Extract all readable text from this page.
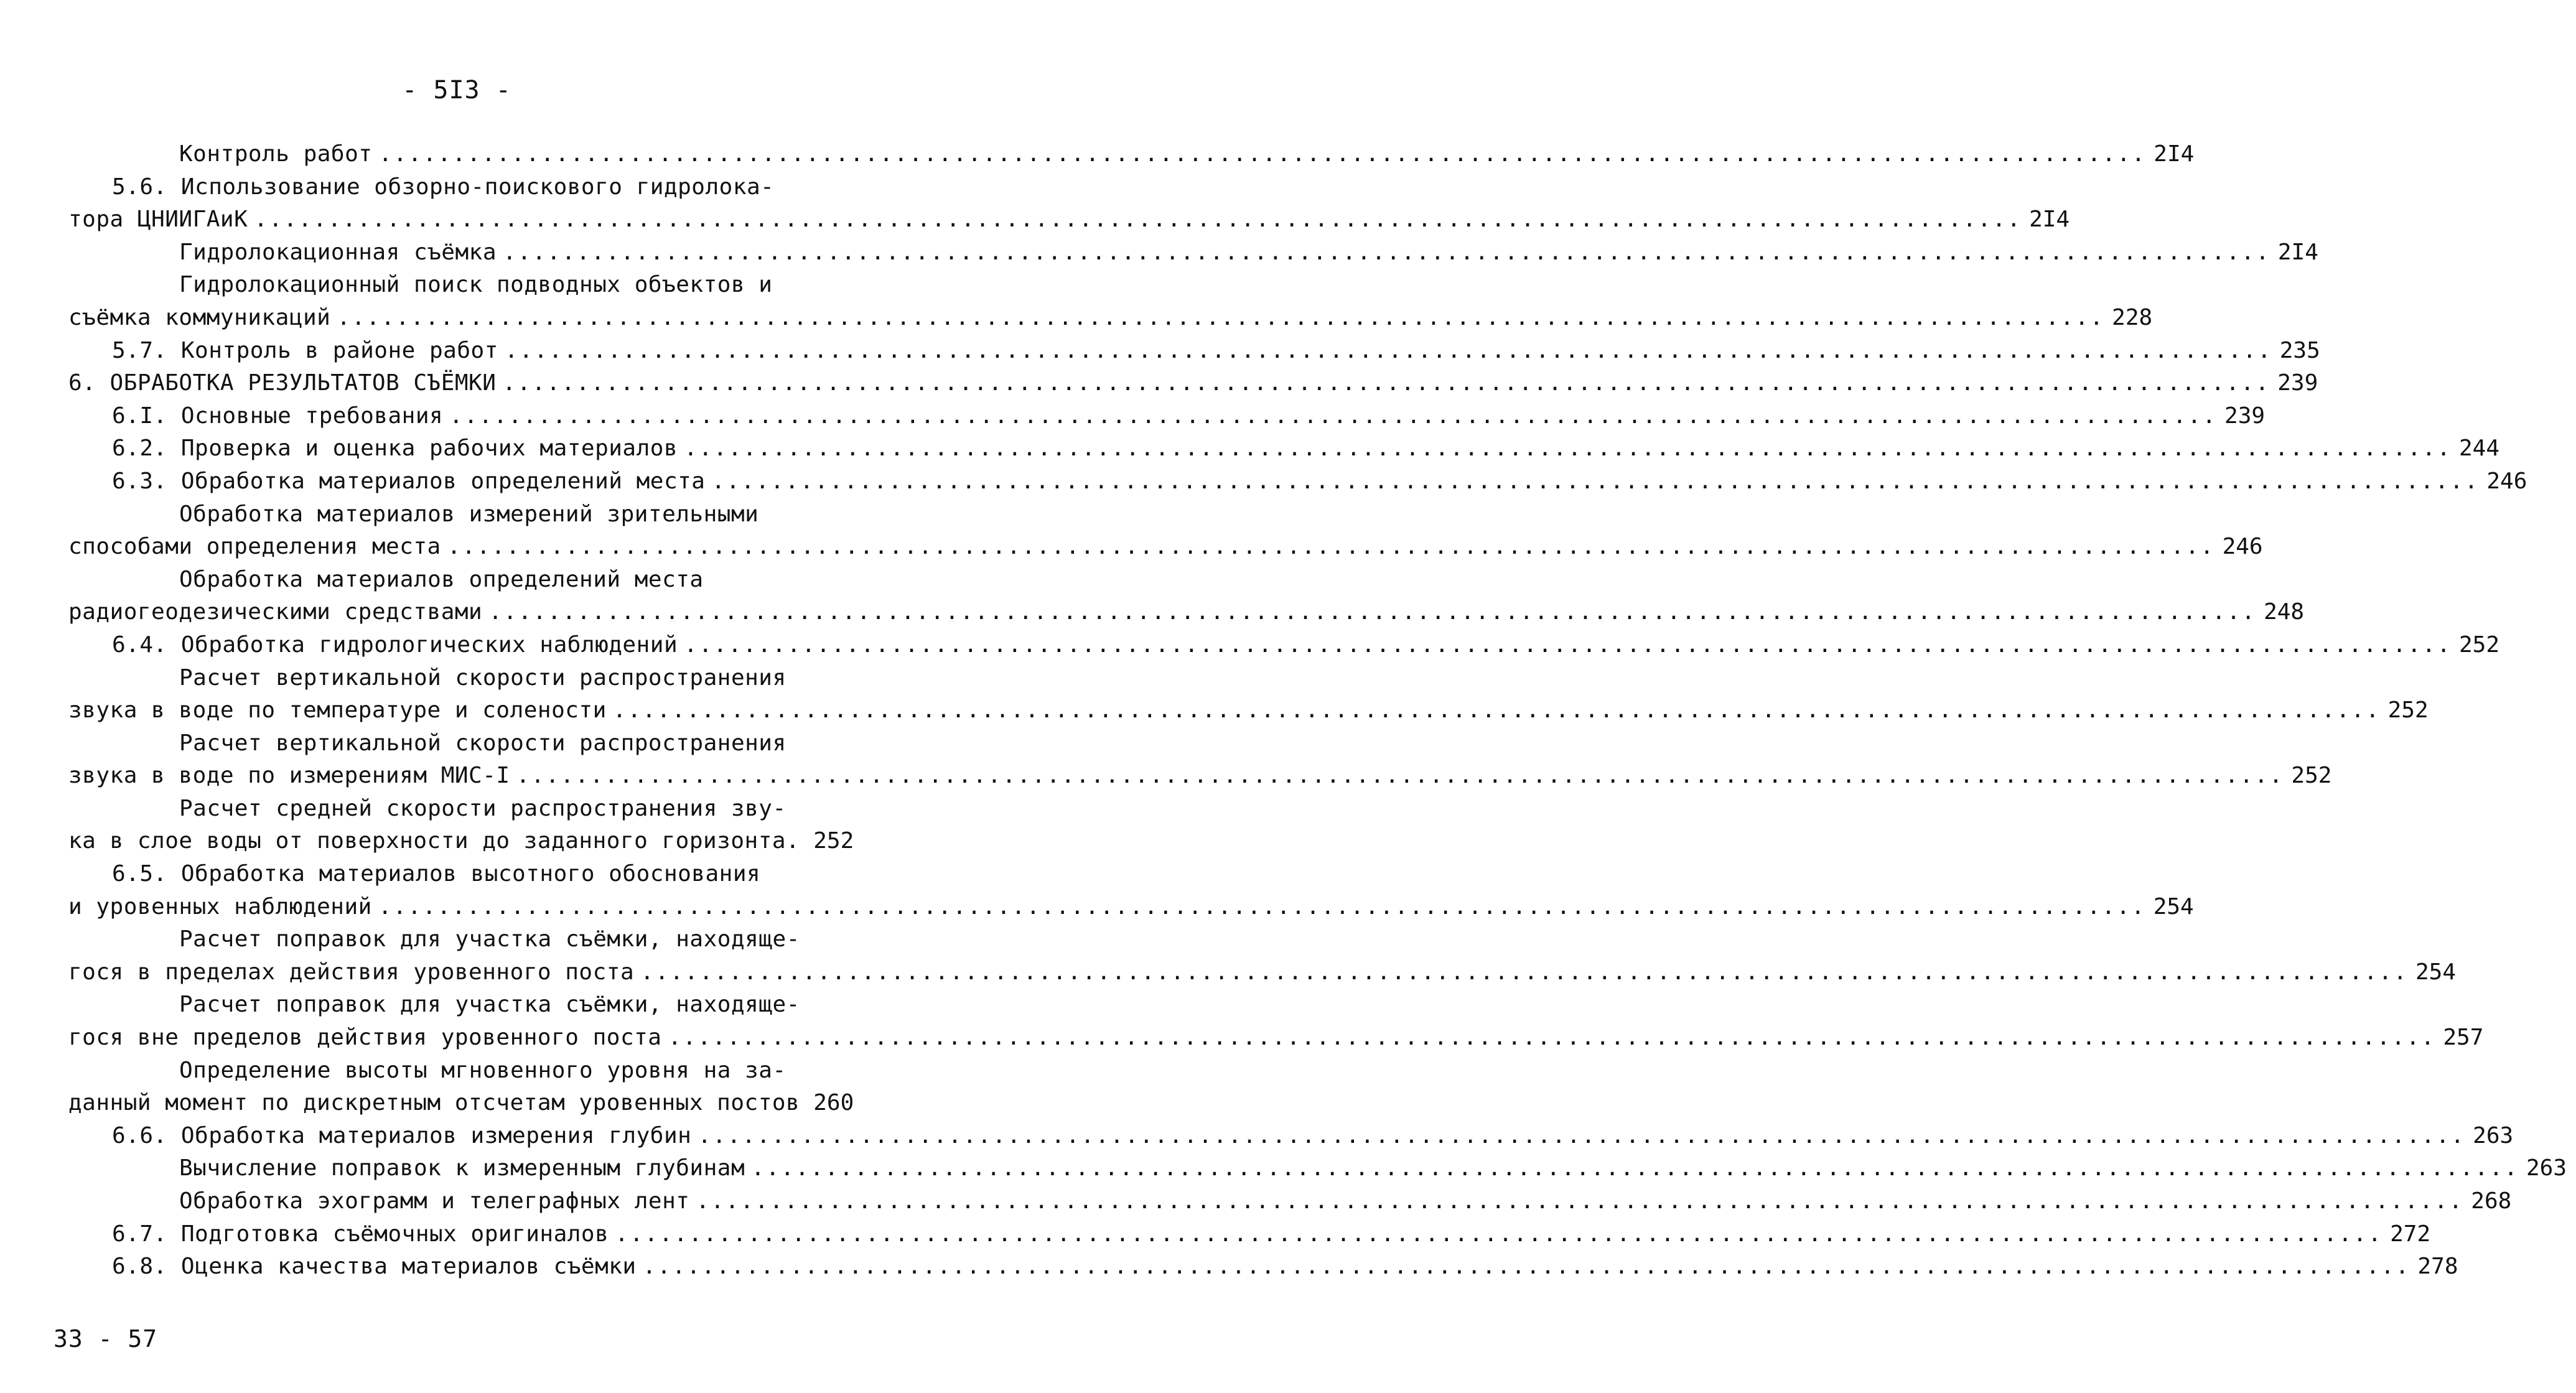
- 5I3 -
Контроль работ ........................................................................................................................ 2I4
5.6. Использование обзорно-поискового гидролока-
тора ЦНИИГАиК ........................................................................................................................ 2I4
Гидролокационная съёмка ........................................................................................................................ 2I4
Гидролокационный поиск подводных объектов и
съёмка коммуникаций ........................................................................................................................ 228
5.7. Контроль в районе работ ........................................................................................................................ 235
6. ОБРАБОТКА РЕЗУЛЬТАТОВ СЪЁМКИ ........................................................................................................................ 239
6.I. Основные требования ........................................................................................................................ 239
6.2. Проверка и оценка рабочих материалов ........................................................................................................................ 244
6.3. Обработка материалов определений места ........................................................................................................................ 246
Обработка материалов измерений зрительными
способами определения места ........................................................................................................................ 246
Обработка материалов определений места
радиогеодезическими средствами ........................................................................................................................ 248
6.4. Обработка гидрологических наблюдений ........................................................................................................................ 252
Расчет вертикальной скорости распространения
звука в воде по температуре и солености ........................................................................................................................ 252
Расчет вертикальной скорости распространения
звука в воде по измерениям МИС-I ........................................................................................................................ 252
Расчет средней скорости распространения зву-
ка в слое воды от поверхности до заданного горизонта. 252
6.5. Обработка материалов высотного обоснования
и уровенных наблюдений ........................................................................................................................ 254
Расчет поправок для участка съёмки, находяще-
гося в пределах действия уровенного поста ........................................................................................................................ 254
Расчет поправок для участка съёмки, находяще-
гося вне пределов действия уровенного поста ........................................................................................................................ 257
Определение высоты мгновенного уровня на за-
данный момент по дискретным отсчетам уровенных постов 260
6.6. Обработка материалов измерения глубин ........................................................................................................................ 263
Вычисление поправок к измеренным глубинам ........................................................................................................................ 263
Обработка эхограмм и телеграфных лент ........................................................................................................................ 268
6.7. Подготовка съёмочных оригиналов ........................................................................................................................ 272
6.8. Оценка качества материалов съёмки ........................................................................................................................ 278
33 - 57
